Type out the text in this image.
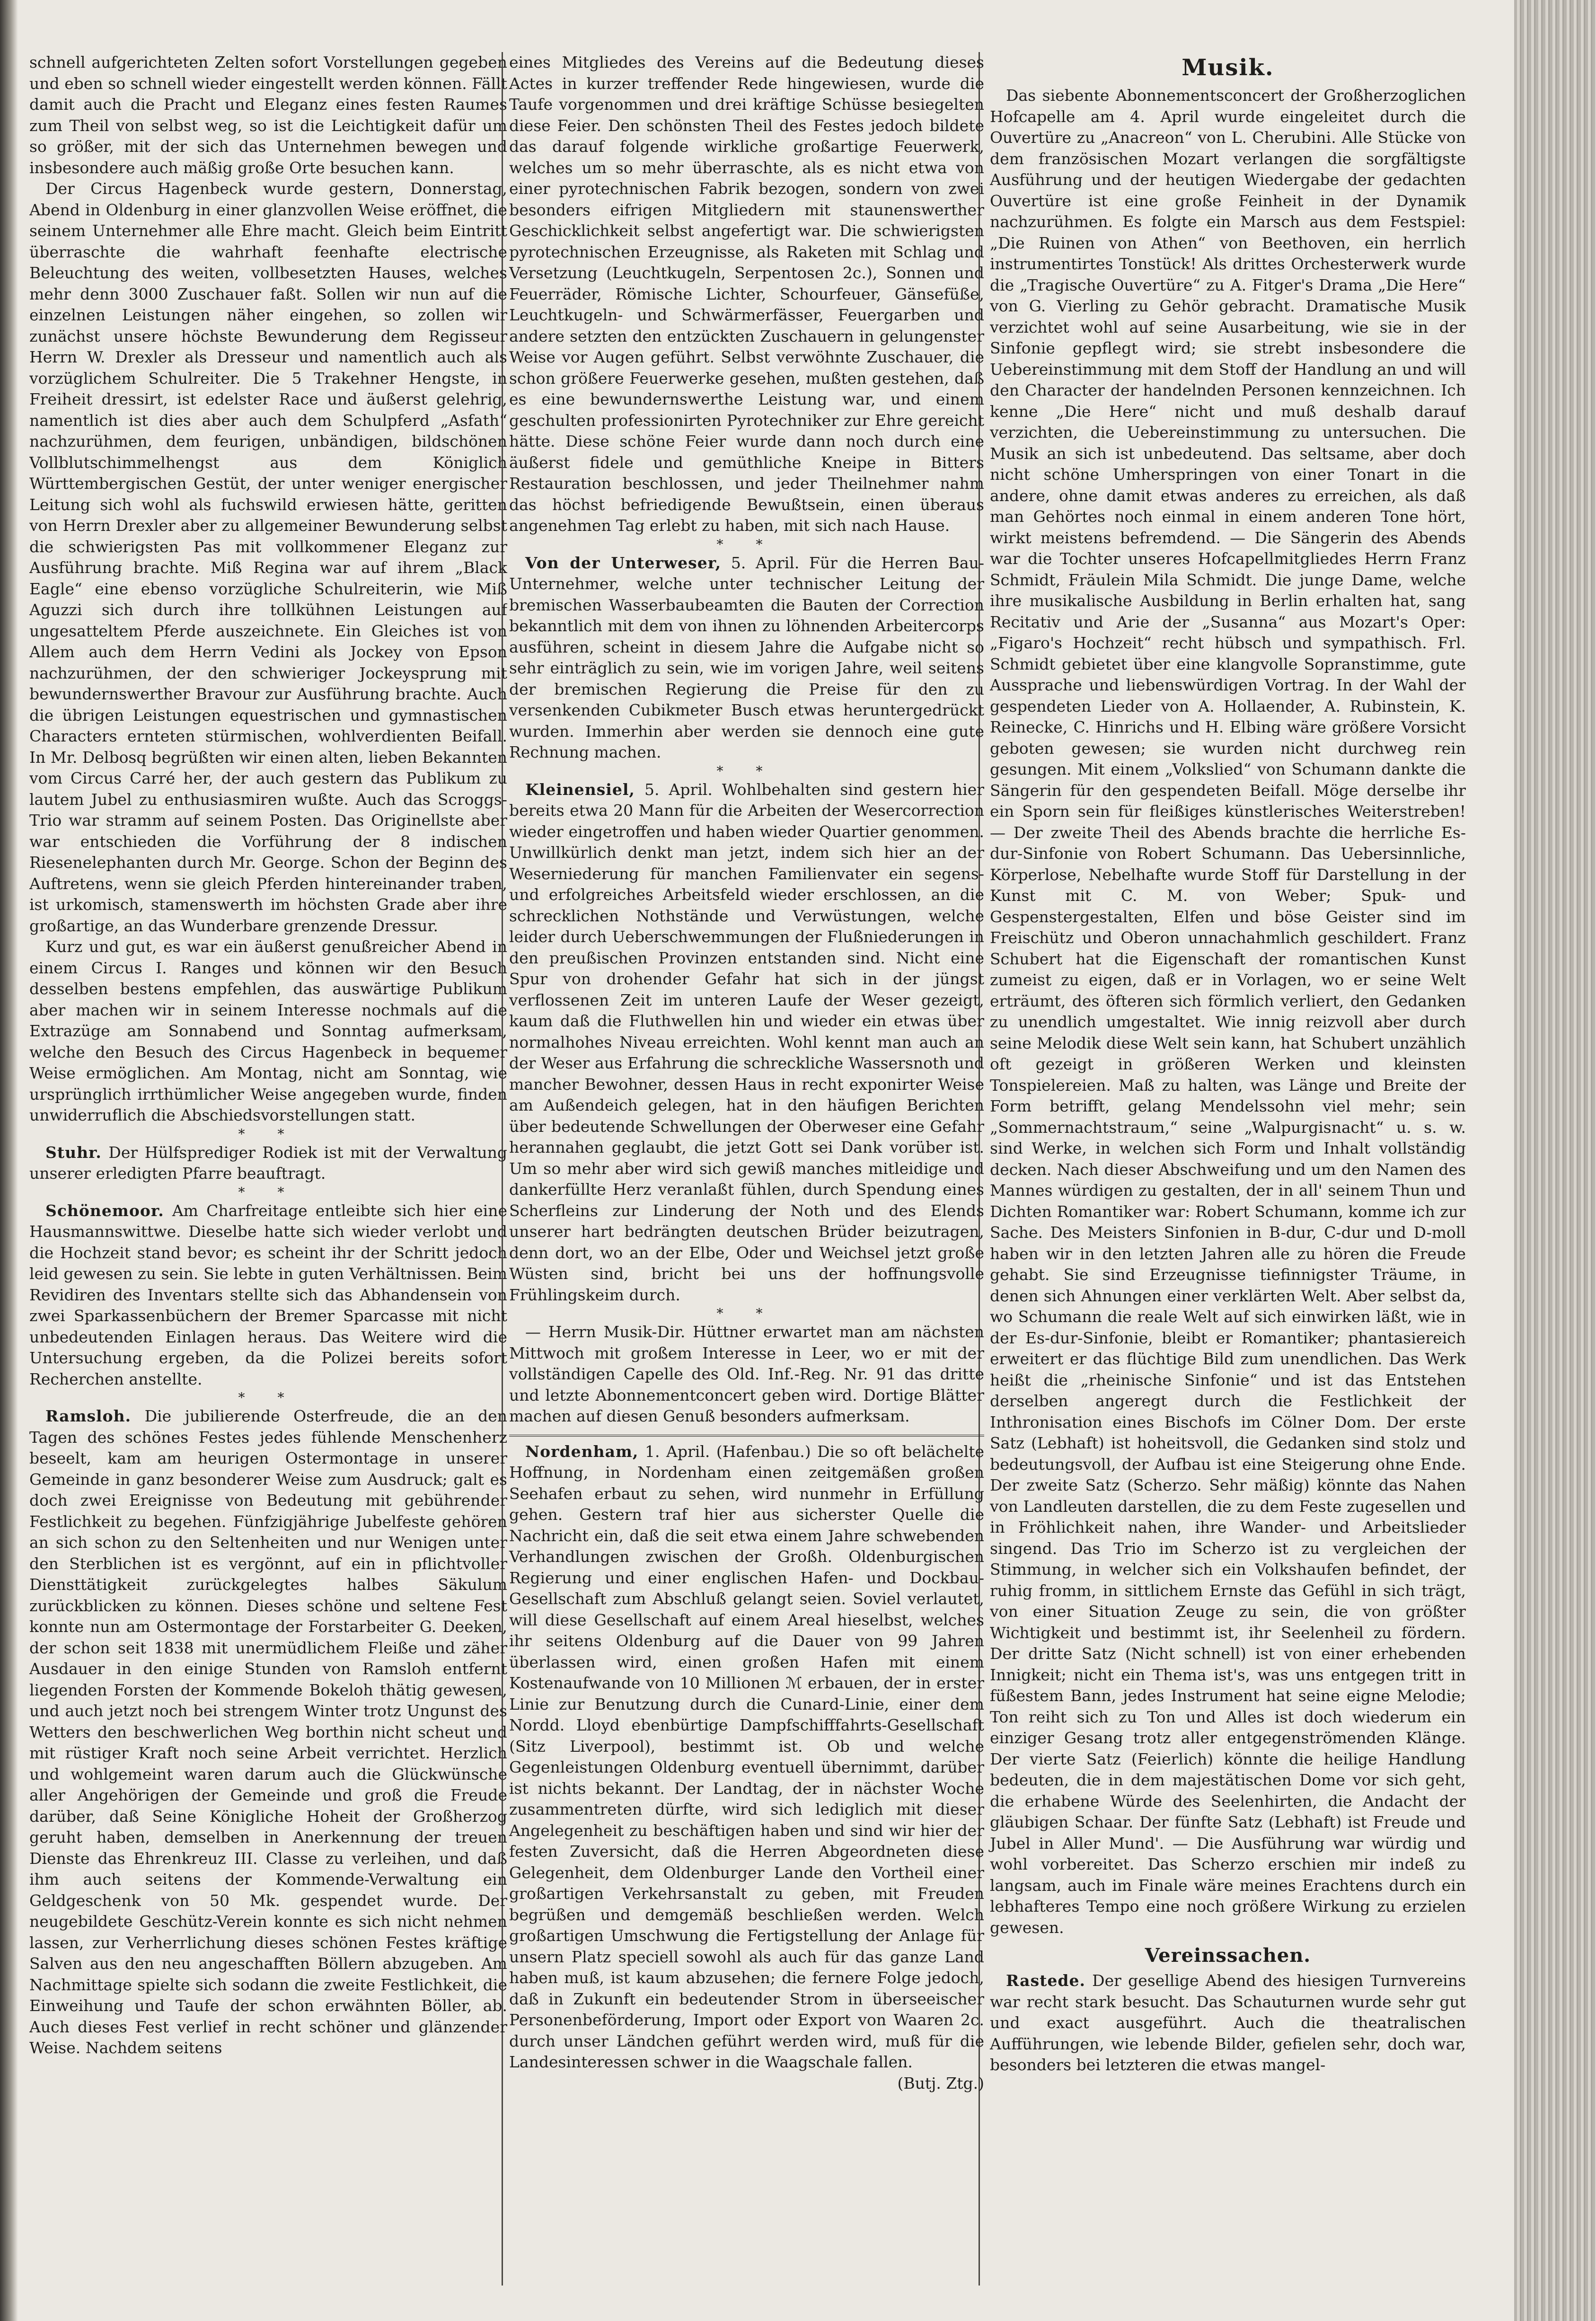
schnell aufgerichteten Zelten sofort Vorstellungen gegeben und eben so schnell wieder eingestellt werden können. Fällt damit auch die Pracht und Eleganz eines festen Raumes zum Theil von selbst weg, so ist die Leichtigkeit dafür um so größer, mit der sich das Unternehmen bewegen und insbesondere auch mäßig große Orte besuchen kann.

Der Circus Hagenbeck wurde gestern, Donnerstag, Abend in Oldenburg in einer glanzvollen Weise eröffnet, die seinem Unternehmer alle Ehre macht. Gleich beim Eintritt überraschte die wahrhaft feenhafte electrische Beleuchtung des weiten, vollbesetzten Hauses, welches mehr denn 3000 Zuschauer faßt. Sollen wir nun auf die einzelnen Leistungen näher eingehen, so zollen wir zunächst unsere höchste Bewunderung dem Regisseur Herrn W. Drexler als Dresseur und namentlich auch als vorzüglichem Schulreiter. Die 5 Trakehner Hengste, in Freiheit dressirt, ist edelster Race und äußerst gelehrig, namentlich ist dies aber auch dem Schulpferd „Asfath“ nachzurühmen, dem feurigen, unbändigen, bildschönen Vollblutschimmelhengst aus dem Königlich Württembergischen Gestüt, der unter weniger energischer Leitung sich wohl als fuchswild erwiesen hätte, geritten von Herrn Drexler aber zu allgemeiner Bewunderung selbst die schwierigsten Pas mit vollkommener Eleganz zur Ausführung brachte. Miß Regina war auf ihrem „Black Eagle“ eine ebenso vorzügliche Schulreiterin, wie Miß Aguzzi sich durch ihre tollkühnen Leistungen auf ungesatteltem Pferde auszeichnete. Ein Gleiches ist von Allem auch dem Herrn Vedini als Jockey von Epson nachzurühmen, der den schwieriger Jockeysprung mit bewundernswerther Bravour zur Ausführung brachte. Auch die übrigen Leistungen equestrischen und gymnastischen Characters ernteten stürmischen, wohlverdienten Beifall. In Mr. Delbosq begrüßten wir einen alten, lieben Bekannten vom Circus Carré her, der auch gestern das Publikum zu lautem Jubel zu enthusiasmiren wußte. Auch das Scroggs-Trio war stramm auf seinem Posten. Das Originellste aber war entschieden die Vorführung der 8 indischen Riesenelephanten durch Mr. George. Schon der Beginn des Auftretens, wenn sie gleich Pferden hintereinander traben, ist urkomisch, stamenswerth im höchsten Grade aber ihre großartige, an das Wunderbare grenzende Dressur.

Kurz und gut, es war ein äußerst genußreicher Abend in einem Circus I. Ranges und können wir den Besuch desselben bestens empfehlen, das auswärtige Publikum aber machen wir in seinem Interesse nochmals auf die Extrazüge am Sonnabend und Sonntag aufmerksam, welche den Besuch des Circus Hagenbeck in bequemer Weise ermöglichen. Am Montag, nicht am Sonntag, wie ursprünglich irrthümlicher Weise angegeben wurde, finden unwiderruflich die Abschiedsvorstellungen statt.

* *

Stuhr. Der Hülfsprediger Rodiek ist mit der Verwaltung unserer erledigten Pfarre beauftragt.

* *

Schönemoor. Am Charfreitage entleibte sich hier eine Hausmannswittwe. Dieselbe hatte sich wieder verlobt und die Hochzeit stand bevor; es scheint ihr der Schritt jedoch leid gewesen zu sein. Sie lebte in guten Verhältnissen. Beim Revidiren des Inventars stellte sich das Abhandensein von zwei Sparkassenbüchern der Bremer Sparcasse mit nicht unbedeutenden Einlagen heraus. Das Weitere wird die Untersuchung ergeben, da die Polizei bereits sofort Recherchen anstellte.

* *

Ramsloh. Die jubilierende Osterfreude, die an den Tagen des schönes Festes jedes fühlende Menschenherz beseelt, kam am heurigen Ostermontage in unserer Gemeinde in ganz besonderer Weise zum Ausdruck; galt es doch zwei Ereignisse von Bedeutung mit gebührender Festlichkeit zu begehen. Fünfzigjährige Jubelfeste gehören an sich schon zu den Seltenheiten und nur Wenigen unter den Sterblichen ist es vergönnt, auf ein in pflichtvoller Diensttätigkeit zurückgelegtes halbes Säkulum zurückblicken zu können. Dieses schöne und seltene Fest konnte nun am Ostermontage der Forstarbeiter G. Deeken, der schon seit 1838 mit unermüdlichem Fleiße und zäher Ausdauer in den einige Stunden von Ramsloh entfernt liegenden Forsten der Kommende Bokeloh thätig gewesen, und auch jetzt noch bei strengem Winter trotz Ungunst des Wetters den beschwerlichen Weg borthin nicht scheut und mit rüstiger Kraft noch seine Arbeit verrichtet. Herzlich und wohlgemeint waren darum auch die Glückwünsche aller Angehörigen der Gemeinde und groß die Freude darüber, daß Seine Königliche Hoheit der Großherzog geruht haben, demselben in Anerkennung der treuen Dienste das Ehrenkreuz III. Classe zu verleihen, und daß ihm auch seitens der Kommende-Verwaltung ein Geldgeschenk von 50 Mk. gespendet wurde. Der neugebildete Geschütz-Verein konnte es sich nicht nehmen lassen, zur Verherrlichung dieses schönen Festes kräftige Salven aus den neu angeschafften Böllern abzugeben. Am Nachmittage spielte sich sodann die zweite Festlichkeit, die Einweihung und Taufe der schon erwähnten Böller, ab. Auch dieses Fest verlief in recht schöner und glänzender Weise. Nachdem seitens

eines Mitgliedes des Vereins auf die Bedeutung dieses Actes in kurzer treffender Rede hingewiesen, wurde die Taufe vorgenommen und drei kräftige Schüsse besiegelten diese Feier. Den schönsten Theil des Festes jedoch bildete das darauf folgende wirkliche großartige Feuerwerk, welches um so mehr überraschte, als es nicht etwa von einer pyrotechnischen Fabrik bezogen, sondern von zwei besonders eifrigen Mitgliedern mit staunenswerther Geschicklichkeit selbst angefertigt war. Die schwierigsten pyrotechnischen Erzeugnisse, als Raketen mit Schlag und Versetzung (Leuchtkugeln, Serpentosen 2c.), Sonnen und Feuerräder, Römische Lichter, Schourfeuer, Gänsefüße, Leuchtkugeln- und Schwärmerfässer, Feuergarben und andere setzten den entzückten Zuschauern in gelungenster Weise vor Augen geführt. Selbst verwöhnte Zuschauer, die schon größere Feuerwerke gesehen, mußten gestehen, daß es eine bewundernswerthe Leistung war, und einem geschulten professionirten Pyrotechniker zur Ehre gereicht hätte. Diese schöne Feier wurde dann noch durch eine äußerst fidele und gemüthliche Kneipe in Bitters Restauration beschlossen, und jeder Theilnehmer nahm das höchst befriedigende Bewußtsein, einen überaus angenehmen Tag erlebt zu haben, mit sich nach Hause.

* *

Von der Unterweser, 5. April. Für die Herren Bau-Unternehmer, welche unter technischer Leitung der bremischen Wasserbaubeamten die Bauten der Correction bekanntlich mit dem von ihnen zu löhnenden Arbeitercorps ausführen, scheint in diesem Jahre die Aufgabe nicht so sehr einträglich zu sein, wie im vorigen Jahre, weil seitens der bremischen Regierung die Preise für den zu versenkenden Cubikmeter Busch etwas heruntergedrückt wurden. Immerhin aber werden sie dennoch eine gute Rechnung machen.

* *

Kleinensiel, 5. April. Wohlbehalten sind gestern hier bereits etwa 20 Mann für die Arbeiten der Wesercorrection wieder eingetroffen und haben wieder Quartier genommen. Unwillkürlich denkt man jetzt, indem sich hier an der Weserniederung für manchen Familienvater ein segens- und erfolgreiches Arbeitsfeld wieder erschlossen, an die schrecklichen Nothstände und Verwüstungen, welche leider durch Ueberschwemmungen der Flußniederungen in den preußischen Provinzen entstanden sind. Nicht eine Spur von drohender Gefahr hat sich in der jüngst verflossenen Zeit im unteren Laufe der Weser gezeigt, kaum daß die Fluthwellen hin und wieder ein etwas über normalhohes Niveau erreichten. Wohl kennt man auch an der Weser aus Erfahrung die schreckliche Wassersnoth und mancher Bewohner, dessen Haus in recht exponirter Weise am Außendeich gelegen, hat in den häufigen Berichten über bedeutende Schwellungen der Oberweser eine Gefahr herannahen geglaubt, die jetzt Gott sei Dank vorüber ist. Um so mehr aber wird sich gewiß manches mitleidige und dankerfüllte Herz veranlaßt fühlen, durch Spendung eines Scherfleins zur Linderung der Noth und des Elends unserer hart bedrängten deutschen Brüder beizutragen, denn dort, wo an der Elbe, Oder und Weichsel jetzt große Wüsten sind, bricht bei uns der hoffnungsvolle Frühlingskeim durch.

* *

— Herrn Musik-Dir. Hüttner erwartet man am nächsten Mittwoch mit großem Interesse in Leer, wo er mit der vollständigen Capelle des Old. Inf.-Reg. Nr. 91 das dritte und letzte Abonnementconcert geben wird. Dortige Blätter machen auf diesen Genuß besonders aufmerksam.

Nordenham, 1. April. (Hafenbau.) Die so oft belächelte Hoffnung, in Nordenham einen zeitgemäßen großen Seehafen erbaut zu sehen, wird nunmehr in Erfüllung gehen. Gestern traf hier aus sicherster Quelle die Nachricht ein, daß die seit etwa einem Jahre schwebenden Verhandlungen zwischen der Großh. Oldenburgischen Regierung und einer englischen Hafen- und Dockbau-Gesellschaft zum Abschluß gelangt seien. Soviel verlautet, will diese Gesellschaft auf einem Areal hieselbst, welches ihr seitens Oldenburg auf die Dauer von 99 Jahren überlassen wird, einen großen Hafen mit einem Kostenaufwande von 10 Millionen ℳ erbauen, der in erster Linie zur Benutzung durch die Cunard-Linie, einer dem Nordd. Lloyd ebenbürtige Dampfschifffahrts-Gesellschaft (Sitz Liverpool), bestimmt ist. Ob und welche Gegenleistungen Oldenburg eventuell übernimmt, darüber ist nichts bekannt. Der Landtag, der in nächster Woche zusammentreten dürfte, wird sich lediglich mit dieser Angelegenheit zu beschäftigen haben und sind wir hier der festen Zuversicht, daß die Herren Abgeordneten diese Gelegenheit, dem Oldenburger Lande den Vortheil einer großartigen Verkehrsanstalt zu geben, mit Freuden begrüßen und demgemäß beschließen werden. Welch großartigen Umschwung die Fertigstellung der Anlage für unsern Platz speciell sowohl als auch für das ganze Land haben muß, ist kaum abzusehen; die fernere Folge jedoch, daß in Zukunft ein bedeutender Strom in überseeischer Personenbeförderung, Import oder Export von Waaren 2c. durch unser Ländchen geführt werden wird, muß für die Landesinteressen schwer in die Waagschale fallen.

(Butj. Ztg.)

Musik.

Das siebente Abonnementsconcert der Großherzoglichen Hofcapelle am 4. April wurde eingeleitet durch die Ouvertüre zu „Anacreon“ von L. Cherubini. Alle Stücke von dem französischen Mozart verlangen die sorgfältigste Ausführung und der heutigen Wiedergabe der gedachten Ouvertüre ist eine große Feinheit in der Dynamik nachzurühmen. Es folgte ein Marsch aus dem Festspiel: „Die Ruinen von Athen“ von Beethoven, ein herrlich instrumentirtes Tonstück! Als drittes Orchesterwerk wurde die „Tragische Ouvertüre“ zu A. Fitger's Drama „Die Here“ von G. Vierling zu Gehör gebracht. Dramatische Musik verzichtet wohl auf seine Ausarbeitung, wie sie in der Sinfonie gepflegt wird; sie strebt insbesondere die Uebereinstimmung mit dem Stoff der Handlung an und will den Character der handelnden Personen kennzeichnen. Ich kenne „Die Here“ nicht und muß deshalb darauf verzichten, die Uebereinstimmung zu untersuchen. Die Musik an sich ist unbedeutend. Das seltsame, aber doch nicht schöne Umherspringen von einer Tonart in die andere, ohne damit etwas anderes zu erreichen, als daß man Gehörtes noch einmal in einem anderen Tone hört, wirkt meistens befremdend. — Die Sängerin des Abends war die Tochter unseres Hofcapellmitgliedes Herrn Franz Schmidt, Fräulein Mila Schmidt. Die junge Dame, welche ihre musikalische Ausbildung in Berlin erhalten hat, sang Recitativ und Arie der „Susanna“ aus Mozart's Oper: „Figaro's Hochzeit“ recht hübsch und sympathisch. Frl. Schmidt gebietet über eine klangvolle Sopranstimme, gute Aussprache und liebenswürdigen Vortrag. In der Wahl der gespendeten Lieder von A. Hollaender, A. Rubinstein, K. Reinecke, C. Hinrichs und H. Elbing wäre größere Vorsicht geboten gewesen; sie wurden nicht durchweg rein gesungen. Mit einem „Volkslied“ von Schumann dankte die Sängerin für den gespendeten Beifall. Möge derselbe ihr ein Sporn sein für fleißiges künstlerisches Weiterstreben! — Der zweite Theil des Abends brachte die herrliche Es-dur-Sinfonie von Robert Schumann. Das Uebersinnliche, Körperlose, Nebelhafte wurde Stoff für Darstellung in der Kunst mit C. M. von Weber; Spuk- und Gespenstergestalten, Elfen und böse Geister sind im Freischütz und Oberon unnachahmlich geschildert. Franz Schubert hat die Eigenschaft der romantischen Kunst zumeist zu eigen, daß er in Vorlagen, wo er seine Welt erträumt, des öfteren sich förmlich verliert, den Gedanken zu unendlich umgestaltet. Wie innig reizvoll aber durch seine Melodik diese Welt sein kann, hat Schubert unzählich oft gezeigt in größeren Werken und kleinsten Tonspielereien. Maß zu halten, was Länge und Breite der Form betrifft, gelang Mendelssohn viel mehr; sein „Sommernachtstraum,“ seine „Walpurgisnacht“ u. s. w. sind Werke, in welchen sich Form und Inhalt vollständig decken. Nach dieser Abschweifung und um den Namen des Mannes würdigen zu gestalten, der in all' seinem Thun und Dichten Romantiker war: Robert Schumann, komme ich zur Sache. Des Meisters Sinfonien in B-dur, C-dur und D-moll haben wir in den letzten Jahren alle zu hören die Freude gehabt. Sie sind Erzeugnisse tiefinnigster Träume, in denen sich Ahnungen einer verklärten Welt. Aber selbst da, wo Schumann die reale Welt auf sich einwirken läßt, wie in der Es-dur-Sinfonie, bleibt er Romantiker; phantasiereich erweitert er das flüchtige Bild zum unendlichen. Das Werk heißt die „rheinische Sinfonie“ und ist das Entstehen derselben angeregt durch die Festlichkeit der Inthronisation eines Bischofs im Cölner Dom. Der erste Satz (Lebhaft) ist hoheitsvoll, die Gedanken sind stolz und bedeutungsvoll, der Aufbau ist eine Steigerung ohne Ende. Der zweite Satz (Scherzo. Sehr mäßig) könnte das Nahen von Landleuten darstellen, die zu dem Feste zugesellen und in Fröhlichkeit nahen, ihre Wander- und Arbeitslieder singend. Das Trio im Scherzo ist zu vergleichen der Stimmung, in welcher sich ein Volkshaufen befindet, der ruhig fromm, in sittlichem Ernste das Gefühl in sich trägt, von einer Situation Zeuge zu sein, die von größter Wichtigkeit und bestimmt ist, ihr Seelenheil zu fördern. Der dritte Satz (Nicht schnell) ist von einer erhebenden Innigkeit; nicht ein Thema ist's, was uns entgegen tritt in füßestem Bann, jedes Instrument hat seine eigne Melodie; Ton reiht sich zu Ton und Alles ist doch wiederum ein einziger Gesang trotz aller entgegenströmenden Klänge. Der vierte Satz (Feierlich) könnte die heilige Handlung bedeuten, die in dem majestätischen Dome vor sich geht, die erhabene Würde des Seelenhirten, die Andacht der gläubigen Schaar. Der fünfte Satz (Lebhaft) ist Freude und Jubel in Aller Mund'. — Die Ausführung war würdig und wohl vorbereitet. Das Scherzo erschien mir indeß zu langsam, auch im Finale wäre meines Erachtens durch ein lebhafteres Tempo eine noch größere Wirkung zu erzielen gewesen.

Vereinssachen.

Rastede. Der gesellige Abend des hiesigen Turnvereins war recht stark besucht. Das Schauturnen wurde sehr gut und exact ausgeführt. Auch die theatralischen Aufführungen, wie lebende Bilder, gefielen sehr, doch war, besonders bei letzteren die etwas mangel-
